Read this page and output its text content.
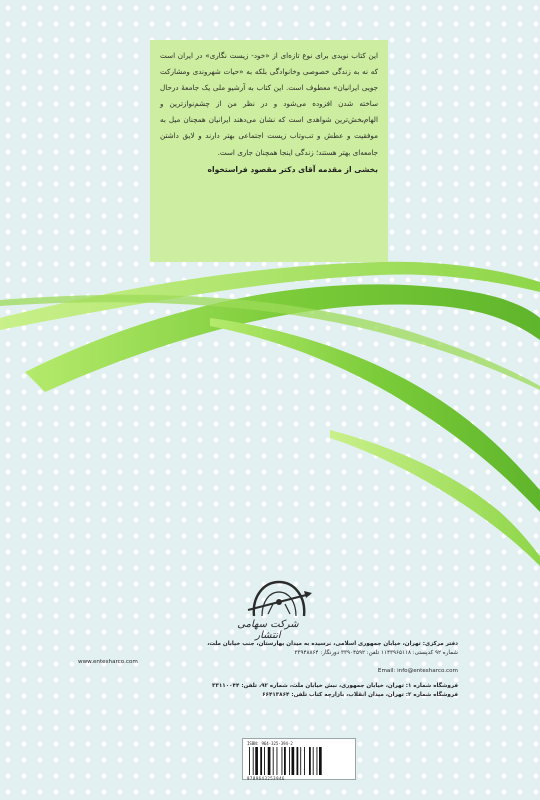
این کتاب نویدی برای نوع تازه‌ای از «خود- زیست نگاری» در ایران است که نه به زندگی خصوصی وخانوادگی بلکه به «حیات شهروندی ومشارکت جویی ایرانیان» معطوف است. این کتاب به آرشیو ملی یک جامعهٔ درحال ساخته شدن افزوده می‌شود و در نظر من از چشم‌نوازترین و الهام‌بخش‌ترین شواهدی است که نشان می‌دهند ایرانیان همچنان میل به موفقیت و عطش و تب‌وتاب زیست اجتماعی بهتر دارند و لایق داشتن جامعه‌ای بهتر هستند؛ زندگی اینجا همچنان جاری است.

بخشی از مقدمه آقای دکتر مقصود فراستخواه
شرکت سهامی انتشار
دفتر مرکزی: تهران، خیابان جمهوری اسلامی، نرسیده به میدان بهارستان، جنب خیابان ملت،
شماره ۹۲ کدپستی: ۱۱۴۳۹۶۵۱۱۸ تلفن: ۳۳۹۰۴۵۹۲ دورنگار: ۳۳۹۴۸۸۶۴
www.entesharco.com
Email: info@entesharco.com
فروشگاه شماره ۱: تهران، خیابان جمهوری، نبش خیابان ملت، شماره ۹۲، تلفن: ۳۳۱۱۰۰۴۴
فروشگاه شماره ۲: تهران، میدان انقلاب، بازارچه کتاب تلفن: ۶۶۴۱۳۸۶۴
ISBN: 964-325-394-2
9789643253946
